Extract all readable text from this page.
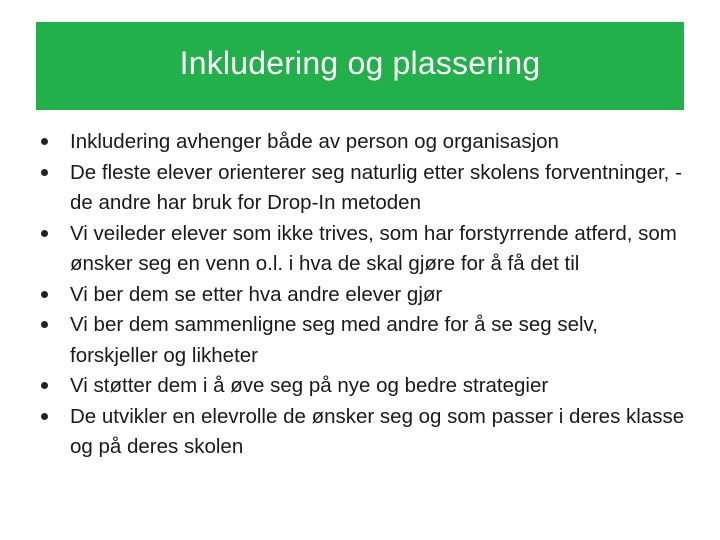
Inkludering og plassering
Inkludering avhenger både av person og organisasjon
De fleste elever orienterer seg naturlig etter skolens forventninger, - de andre har bruk for Drop-In metoden
Vi veileder elever som ikke trives, som har forstyrrende atferd, som ønsker seg en venn o.l. i hva de skal gjøre for å få det til
Vi ber dem se etter hva andre elever gjør
Vi ber dem sammenligne seg med andre for å se seg selv, forskjeller og likheter
Vi støtter dem i å øve seg på nye og bedre strategier
De utvikler en elevrolle de ønsker seg og som passer i deres klasse og på deres skolen
